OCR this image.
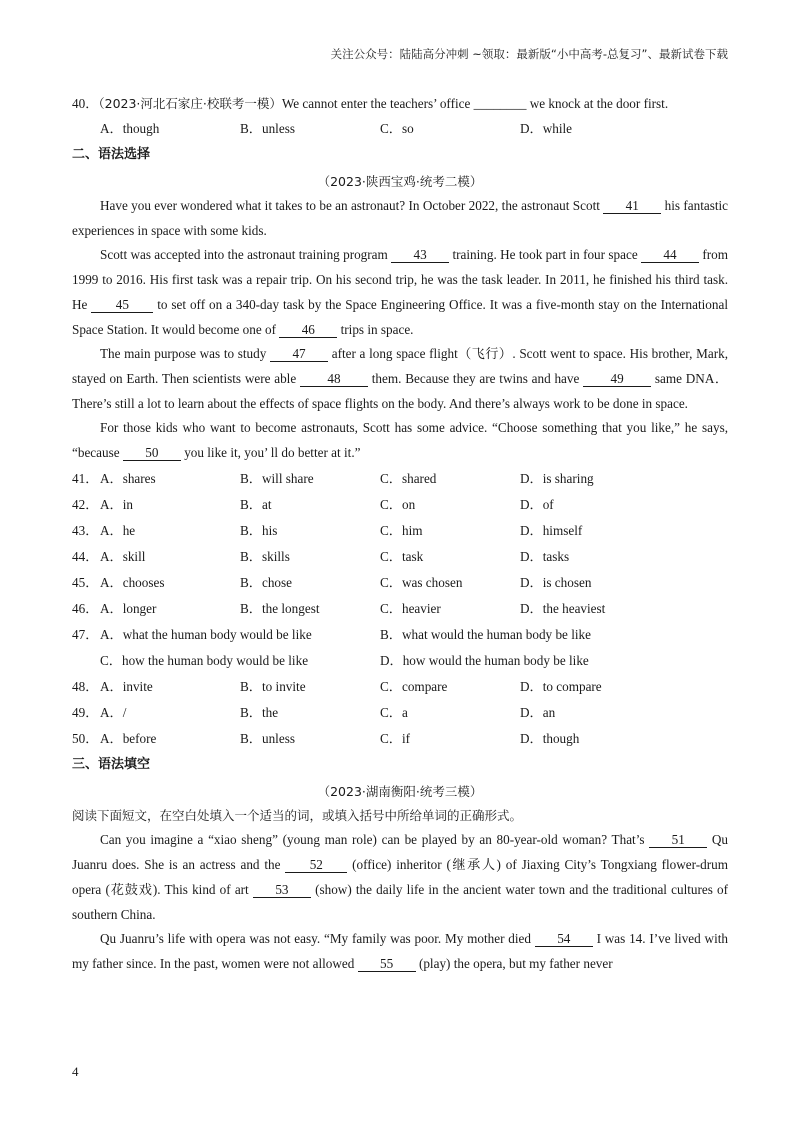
关注公众号：陆陆高分冲刺 ~领取：最新版“小中高考-总复习”、最新试卷下载
40．（2023·河北石家庄·校联考一模）We cannot enter the teachers’ office ________ we knock at the door first.
A．though	B．unless	C．so	D．while
二、语法选择
（2023·陕西宝鸡·统考二模）

Have you ever wondered what it takes to be an astronaut? In October 2022, the astronaut Scott 41 his fantastic experiences in space with some kids.

Scott was accepted into the astronaut training program 43 training. He took part in four space 44 from 1999 to 2016. His first task was a repair trip. On his second trip, he was the task leader. In 2011, he finished his third task. He 45 to set off on a 340-day task by the Space Engineering Office. It was a five-month stay on the International Space Station. It would become one of 46 trips in space.

The main purpose was to study 47 after a long space flight（飞行）. Scott went to space. His brother, Mark, stayed on Earth. Then scientists were able 48 them. Because they are twins and have 49 same DNA．There’s still a lot to learn about the effects of space flights on the body. And there’s always work to be done in space.

For those kids who want to become astronauts, Scott has some advice. “Choose something that you like,” he says, “because 50 you like it, you’ ll do better at it.”

41． A．shares	B．will share	C．shared	D．is sharing
42． A．in	B．at	C．on	D．of
43． A．he	B．his	C．him	D．himself
44． A．skill	B．skills	C．task	D．tasks
45． A．chooses	B．chose	C．was chosen	D．is chosen
46． A．longer	B．the longest	C．heavier	D．the heaviest
47． A．what the human body would be like	B．what would the human body be like
C．how the human body would be like	D．how would the human body be like
48． A．invite	B．to invite	C．compare	D．to compare
49． A．/	B．the	C．a	D．an
50． A．before	B．unless	C．if	D．though
三、语法填空
（2023·湖南衡阳·统考三模）

阅读下面短文，在空白处填入一个适当的词，或填入括号中所给单词的正确形式。

Can you imagine a “xiao sheng” (young man role) can be played by an 80-year-old woman? That’s 51 Qu Juanru does. She is an actress and the 52 (office) inheritor (继承人) of Jiaxing City’s Tongxiang flower-drum opera (花鼓戏). This kind of art 53 (show) the daily life in the ancient water town and the traditional cultures of southern China.

Qu Juanru’s life with opera was not easy. “My family was poor. My mother died 54 I was 14. I’ve lived with my father since. In the past, women were not allowed 55 (play) the opera, but my father never

4
